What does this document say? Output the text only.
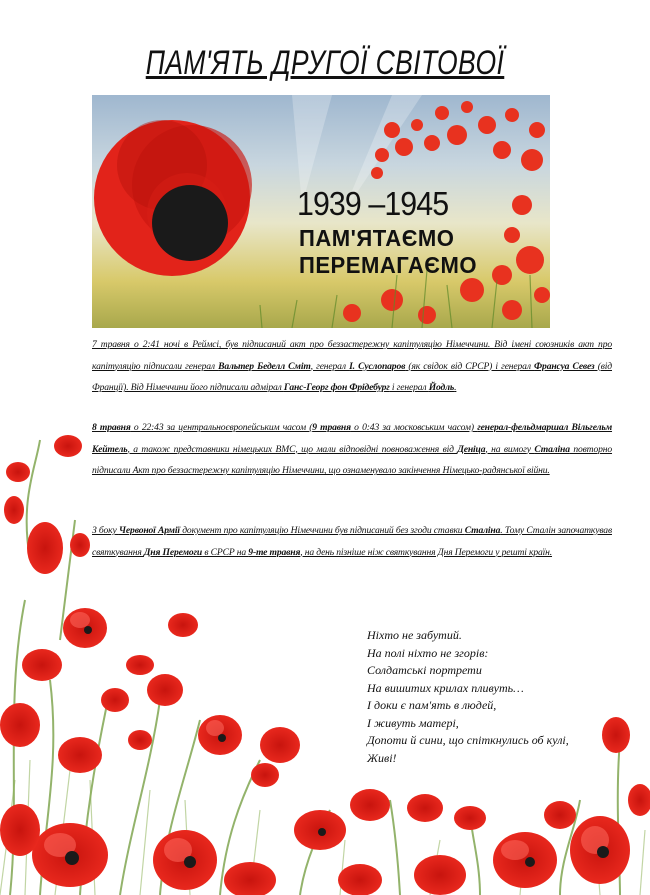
ПАМ'ЯТЬ ДРУГОЇ СВІТОВОЇ
1939 –1945
ПАМ'ЯТАЄМО
ПЕРЕМАГАЄМО
7 травня о 2:41 ночі в Реймсі, був підписаний акт про беззастережну капітуляцію Німеччини. Від імені союзників акт про капітуляцію підписали генерал Вальтер Беделл Сміт, генерал І. Суслопаров (як свідок від СРСР) і генерал Франсуа Севез (від Франції). Від Німеччини його підписали адмірал Ганс-Георг фон Фрідебург і генерал Йодль.
8 травня о 22:43 за центральноєвропейським часом (9 травня о 0:43 за московським часом) генерал-фельдмаршал Вільгельм Кейтель, а також представники німецьких ВМС, що мали відповідні повноваження від Деніца, на вимогу Сталіна повторно підписали Акт про беззастережну капітуляцію Німеччини, що ознаменувало закінчення Німецько-радянської війни.
З боку Червоної Армії документ про капітуляцію Німеччини був підписаний без згоди ставки Сталіна. Тому Сталін започаткував святкування Дня Перемоги в СРСР на 9-те травня, на день пізніше ніж святкування Дня Перемоги у решті країн.
Ніхто не забутий.
На полі ніхто не згорів:
Солдатські портрети
На вишитих крилах пливуть…
І доки є пам'ять в людей,
І живуть матері,
Допоти й сини, що спіткнулись об кулі,
Живі!
